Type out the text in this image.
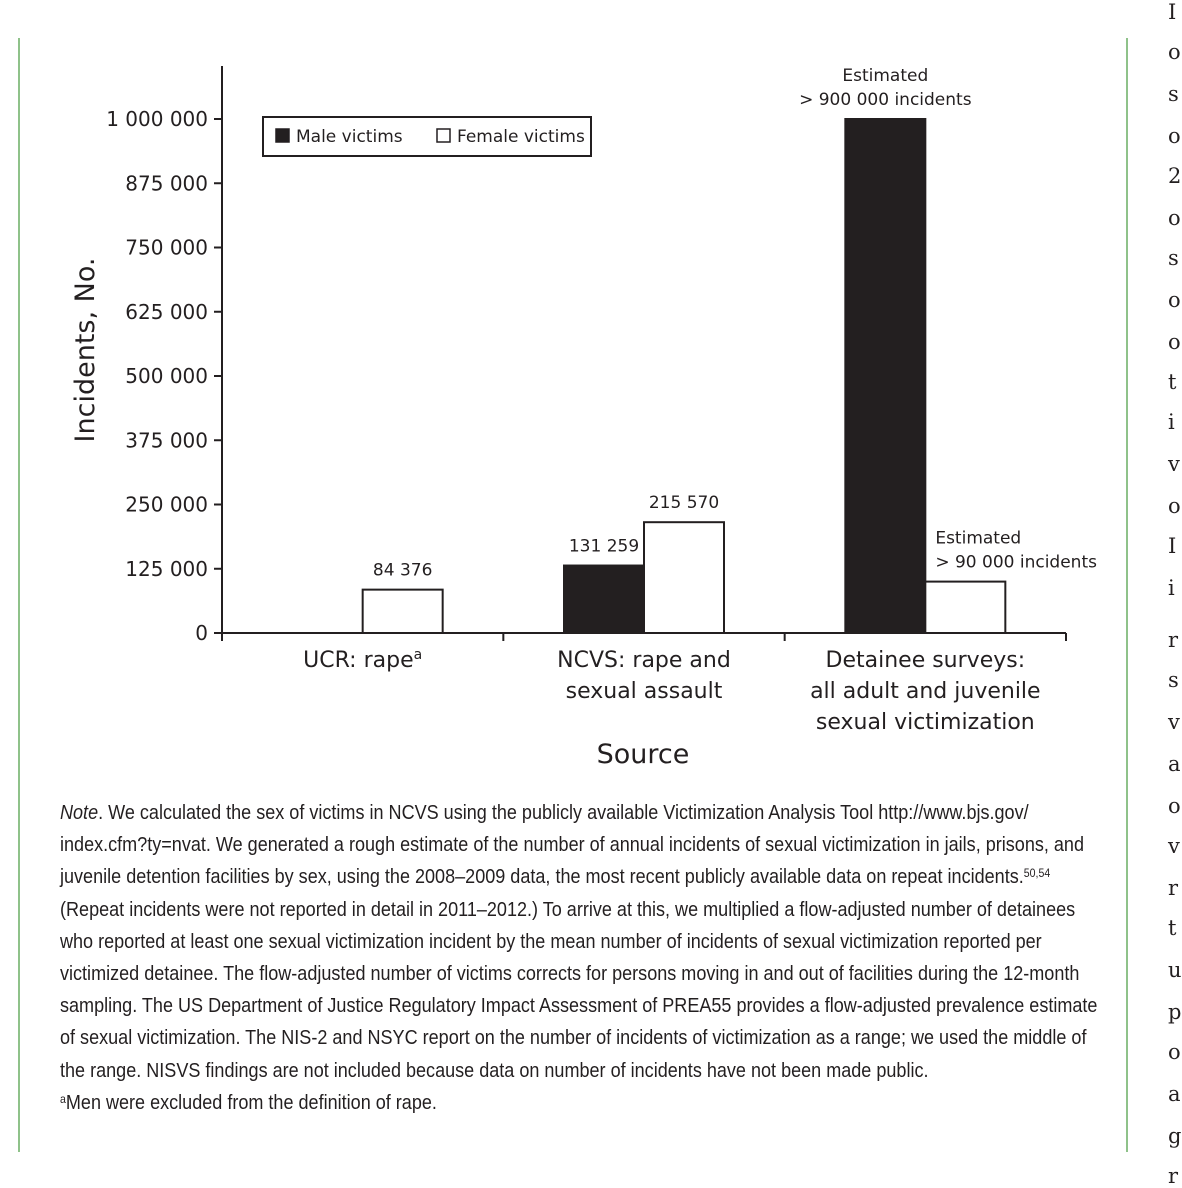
I
o
s
o
2
o
s
o
o
t
i
v
o
I
i
r
s
v
a
o
v
r
t
u
p
o
a
g
r
0
125 000
250 000
375 000
500 000
625 000
750 000
875 000
1 000 000
UCR: rape$^a$	NCVS: rape and
sexual assault
Detainee surveys:
all adult and juvenile
sexual victimization
84 376
131 259
215 570
Estimated
> 900 000 incidents
Estimated
> 90 000 incidents
Male victims	Female victims
Incidents, No.
Source

Note. We calculated the sex of victims in NCVS using the publicly available Victimization Analysis Tool http://www.bjs.gov/ index.cfm?ty=nvat. We generated a rough estimate of the number of annual incidents of sexual victimization in jails, prisons, and juvenile detention facilities by sex, using the 2008–2009 data, the most recent publicly available data on repeat incidents.$^{50,54}$ (Repeat incidents were not reported in detail in 2011–2012.) To arrive at this, we multiplied a flow-adjusted number of detainees who reported at least one sexual victimization incident by the mean number of incidents of sexual victimization reported per victimized detainee. The flow-adjusted number of victims corrects for persons moving in and out of facilities during the 12-month sampling. The US Department of Justice Regulatory Impact Assessment of PREA55 provides a flow-adjusted prevalence estimate of sexual victimization. The NIS-2 and NSYC report on the number of incidents of victimization as a range; we used the middle of the range. NISVS findings are not included because data on number of incidents have not been made public.

$^a$Men were excluded from the definition of rape.
